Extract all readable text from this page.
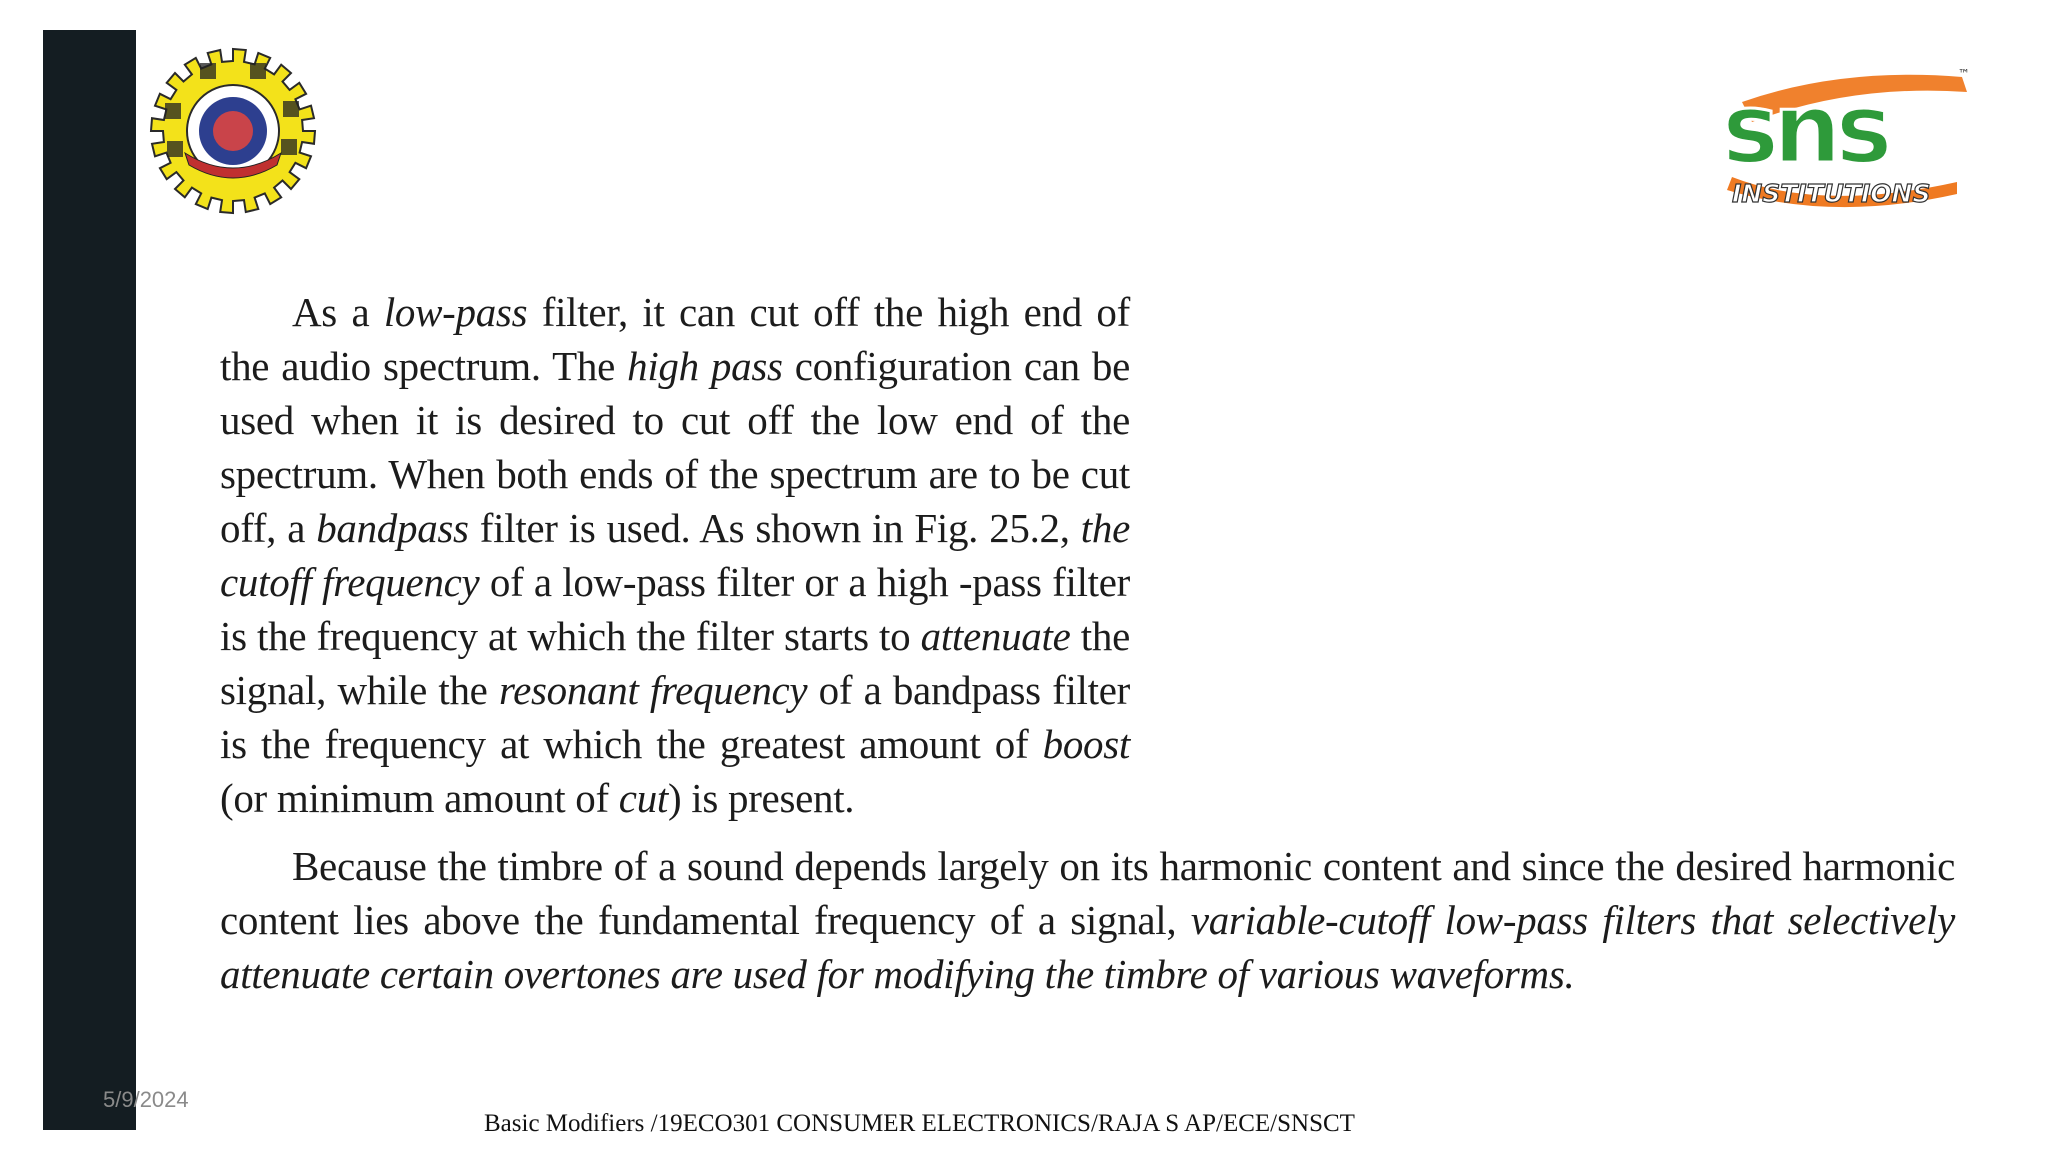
sns
INSTITUTIONS
™

As a low-pass filter, it can cut off the high end of the audio spectrum. The high pass configuration can be used when it is desired to cut off the low end of the spectrum. When both ends of the spectrum are to be cut off, a bandpass filter is used. As shown in Fig. 25.2, the cutoff frequency of a low-pass filter or a high -pass filter is the frequency at which the filter starts to attenuate the signal, while the resonant frequency of a bandpass filter is the frequency at which the greatest amount of boost (or minimum amount of cut) is present.

Because the timbre of a sound depends largely on its harmonic content and since the desired harmonic content lies above the fundamental frequency of a signal, variable-cutoff low-pass filters that selectively attenuate certain overtones are used for modifying the timbre of various waveforms.

5/9/2024
Basic Modifiers /19ECO301 CONSUMER ELECTRONICS/RAJA S AP/ECE/SNSCT
